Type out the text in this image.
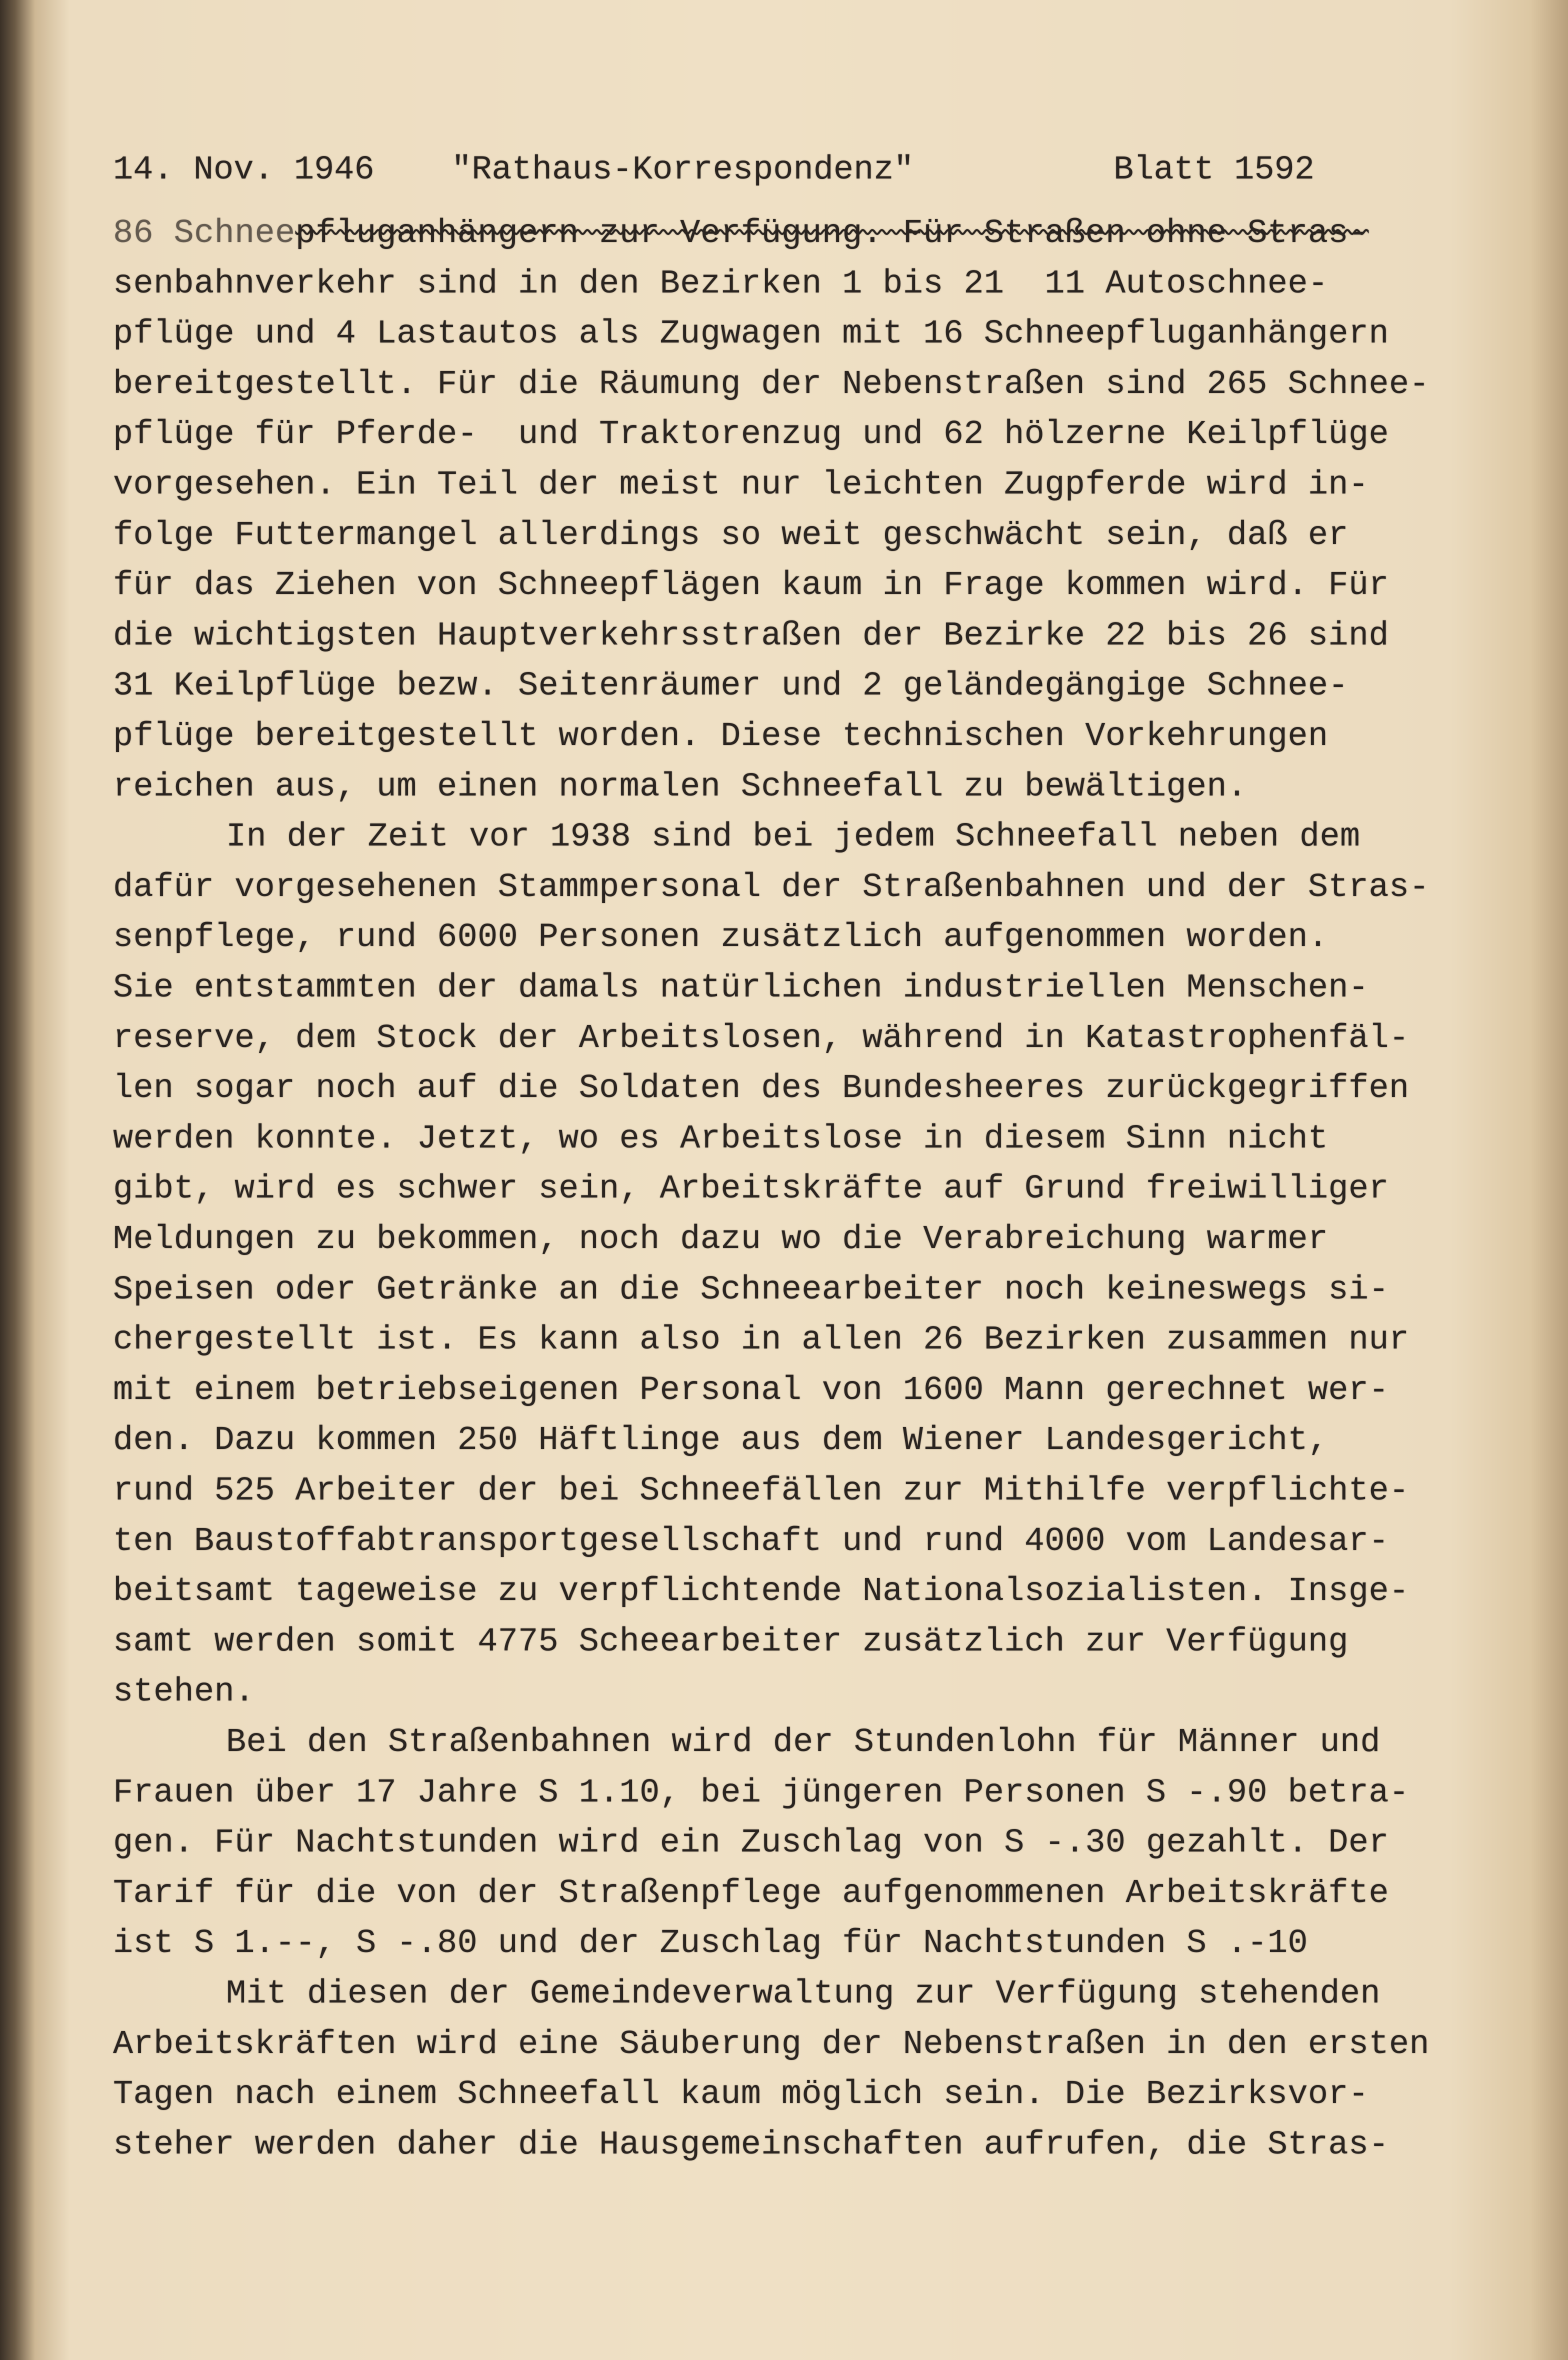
14. Nov. 1946 "Rathaus-Korrespondenz"	Blatt 1592
86 Schneepfluganhängern zur Verfügung. Für Straßen ohne Stras-
senbahnverkehr sind in den Bezirken 1 bis 21  11 Autoschnee-
pflüge und 4 Lastautos als Zugwagen mit 16 Schneepfluganhängern
bereitgestellt. Für die Räumung der Nebenstraßen sind 265 Schnee-
pflüge für Pferde-  und Traktorenzug und 62 hölzerne Keilpflüge
vorgesehen. Ein Teil der meist nur leichten Zugpferde wird in-
folge Futtermangel allerdings so weit geschwächt sein, daß er
für das Ziehen von Schneepflägen kaum in Frage kommen wird. Für
die wichtigsten Hauptverkehrsstraßen der Bezirke 22 bis 26 sind
31 Keilpflüge bezw. Seitenräumer und 2 geländegängige Schnee-
pflüge bereitgestellt worden. Diese technischen Vorkehrungen
reichen aus, um einen normalen Schneefall zu bewältigen.
In der Zeit vor 1938 sind bei jedem Schneefall neben dem
dafür vorgesehenen Stammpersonal der Straßenbahnen und der Stras-
senpflege, rund 6000 Personen zusätzlich aufgenommen worden.
Sie entstammten der damals natürlichen industriellen Menschen-
reserve, dem Stock der Arbeitslosen, während in Katastrophenfäl-
len sogar noch auf die Soldaten des Bundesheeres zurückgegriffen
werden konnte. Jetzt, wo es Arbeitslose in diesem Sinn nicht
gibt, wird es schwer sein, Arbeitskräfte auf Grund freiwilliger
Meldungen zu bekommen, noch dazu wo die Verabreichung warmer
Speisen oder Getränke an die Schneearbeiter noch keineswegs si-
chergestellt ist. Es kann also in allen 26 Bezirken zusammen nur
mit einem betriebseigenen Personal von 1600 Mann gerechnet wer-
den. Dazu kommen 250 Häftlinge aus dem Wiener Landesgericht,
rund 525 Arbeiter der bei Schneefällen zur Mithilfe verpflichte-
ten Baustoffabtransportgesellschaft und rund 4000 vom Landesar-
beitsamt tageweise zu verpflichtende Nationalsozialisten. Insge-
samt werden somit 4775 Scheearbeiter zusätzlich zur Verfügung
stehen.
Bei den Straßenbahnen wird der Stundenlohn für Männer und
Frauen über 17 Jahre S 1.10, bei jüngeren Personen S -.90 betra-
gen. Für Nachtstunden wird ein Zuschlag von S -.30 gezahlt. Der
Tarif für die von der Straßenpflege aufgenommenen Arbeitskräfte
ist S 1.--, S -.80 und der Zuschlag für Nachtstunden S .-10
Mit diesen der Gemeindeverwaltung zur Verfügung stehenden
Arbeitskräften wird eine Säuberung der Nebenstraßen in den ersten
Tagen nach einem Schneefall kaum möglich sein. Die Bezirksvor-
steher werden daher die Hausgemeinschaften aufrufen, die Stras-
